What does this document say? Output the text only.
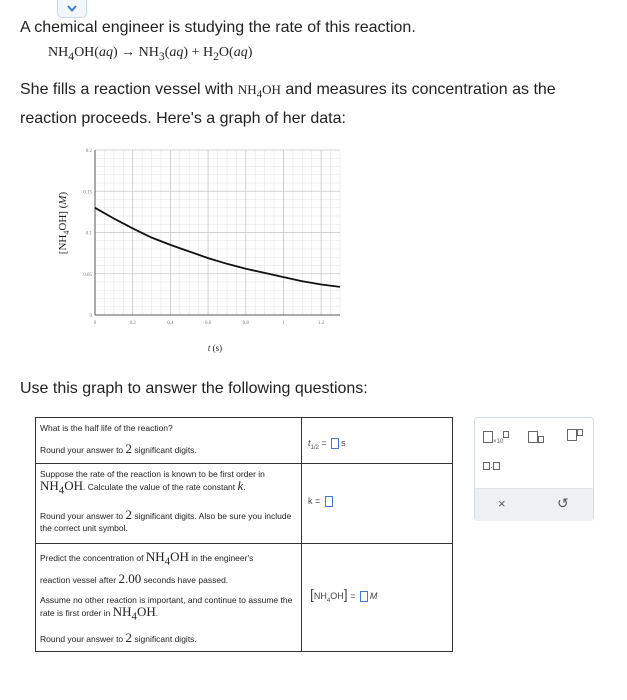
A chemical engineer is studying the rate of this reaction.
$NH_4OH(aq) \to NH_3(aq) + H_2O(aq)$
She fills a reaction vessel with $NH_4OH$ and measures its concentration as the reaction proceeds. Here's a graph of her data:
0	0.2	0.4	0.6	0.8	1	1.2
0
0.05
0.1
0.15
0.2
t (s)
$[NH_4OH]$ (M)
Use this graph to answer the following questions:
What is the half life of the reaction?
Round your answer to 2 significant digits.	$t_{1/2} = s$

Suppose the rate of the reaction is known to be first order in
$NH_4OH$. Calculate the value of the rate constant k.
Round your answer to 2 significant digits. Also be sure you include the correct unit symbol.	k =

Predict the concentration of $NH_4OH$ in the engineer's
reaction vessel after 2.00 seconds have passed.
Assume no other reaction is important, and continue to assume the rate is first order in $NH_4OH$.
Round your answer to 2 significant digits.	$[NH_4OH] = M$
×10
·
×	↺
